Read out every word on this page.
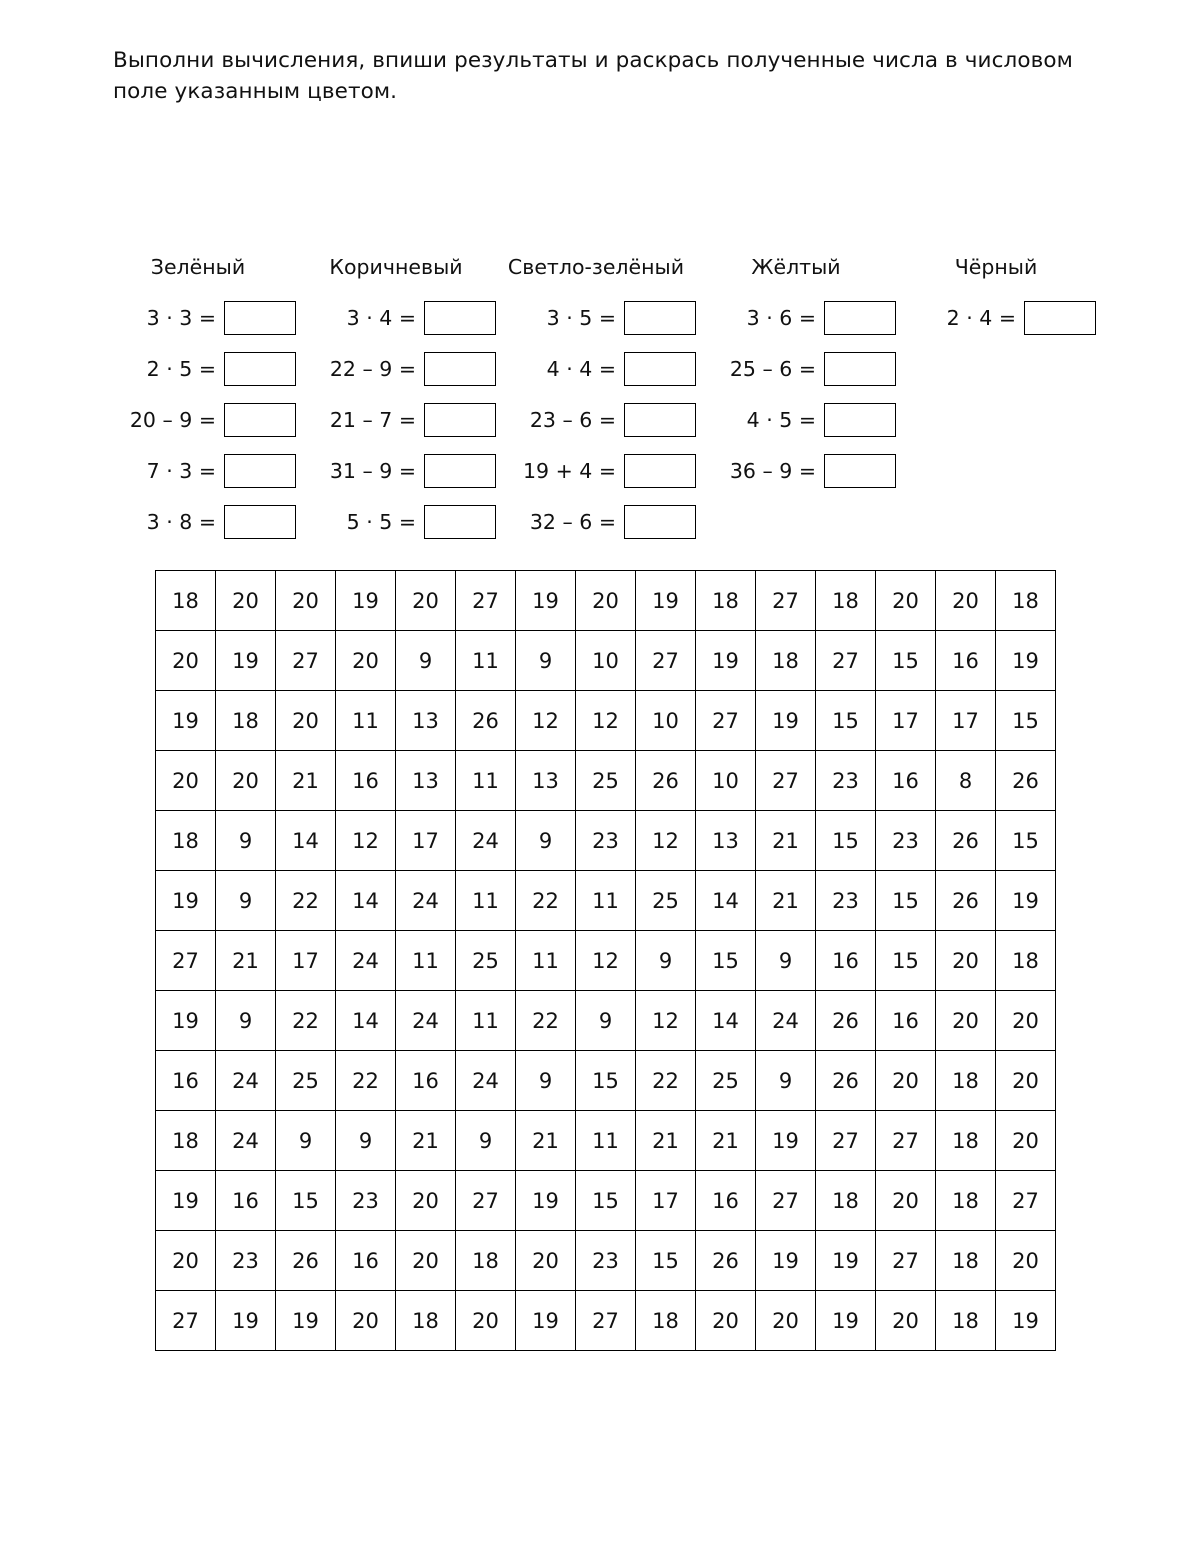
Выполни вычисления, впиши результаты и раскрась полученные числа в числовом поле указанным цветом.
Зелёный
3 · 3 =
2 · 5 =
20 – 9 =
7 · 3 =
3 · 8 =
Коричневый
3 · 4 =
22 – 9 =
21 – 7 =
31 – 9 =
5 · 5 =
Светло-зелёный
3 · 5 =
4 · 4 =
23 – 6 =
19 + 4 =
32 – 6 =
Жёлтый
3 · 6 =
25 – 6 =
4 · 5 =
36 – 9 =
Чёрный
2 · 4 =
18	20	20	19	20	27	19	20	19	18	27	18	20	20	18
20	19	27	20	9	11	9	10	27	19	18	27	15	16	19
19	18	20	11	13	26	12	12	10	27	19	15	17	17	15
20	20	21	16	13	11	13	25	26	10	27	23	16	8	26
18	9	14	12	17	24	9	23	12	13	21	15	23	26	15
19	9	22	14	24	11	22	11	25	14	21	23	15	26	19
27	21	17	24	11	25	11	12	9	15	9	16	15	20	18
19	9	22	14	24	11	22	9	12	14	24	26	16	20	20
16	24	25	22	16	24	9	15	22	25	9	26	20	18	20
18	24	9	9	21	9	21	11	21	21	19	27	27	18	20
19	16	15	23	20	27	19	15	17	16	27	18	20	18	27
20	23	26	16	20	18	20	23	15	26	19	19	27	18	20
27	19	19	20	18	20	19	27	18	20	20	19	20	18	19
